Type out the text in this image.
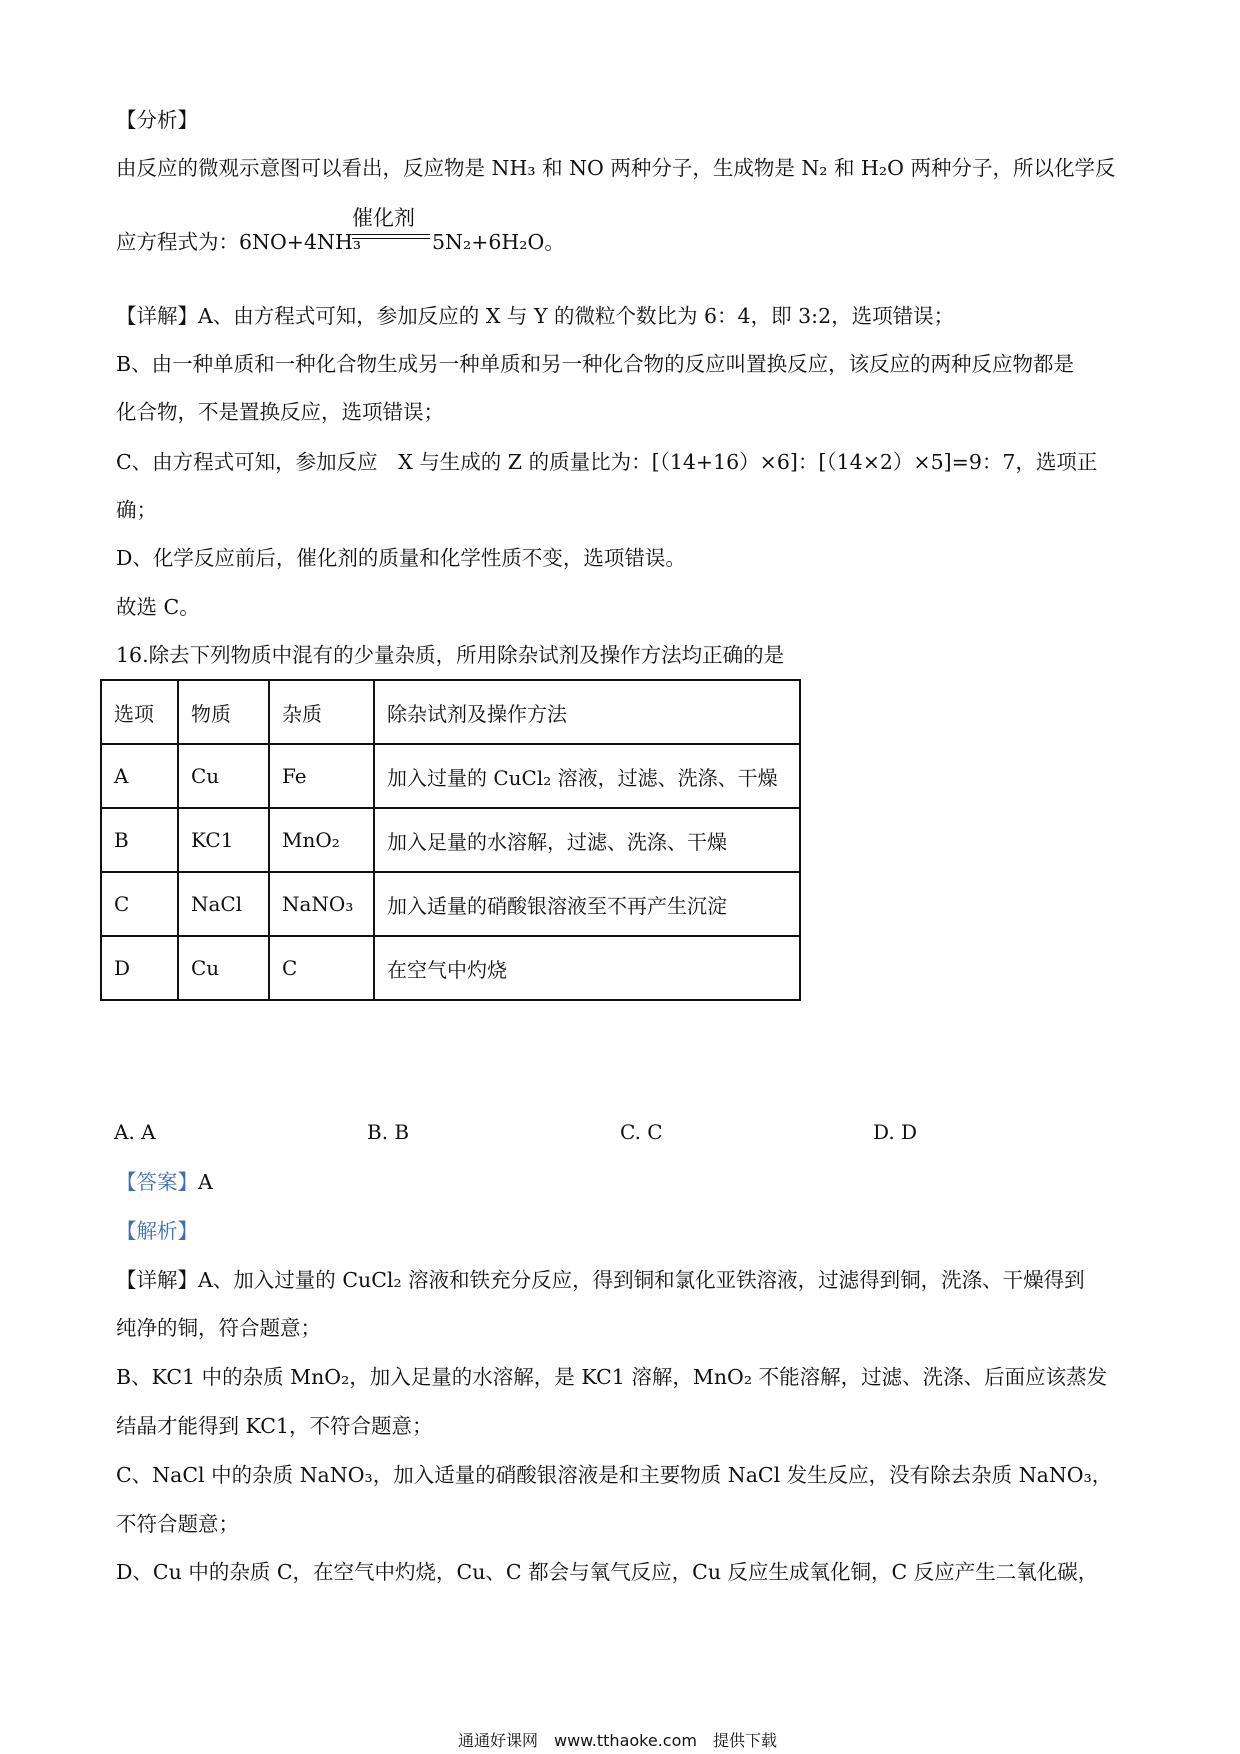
【分析】
由反应的微观示意图可以看出，反应物是 NH₃ 和 NO 两种分子，生成物是 N₂ 和 H₂O 两种分子，所以化学反
应方程式为：6NO+4NH₃
催化剂
5N₂+6H₂O。
【详解】A、由方程式可知，参加反应的 X 与 Y 的微粒个数比为 6：4，即 3:2，选项错误；
B、由一种单质和一种化合物生成另一种单质和另一种化合物的反应叫置换反应，该反应的两种反应物都是
化合物，不是置换反应，选项错误；
C、由方程式可知，参加反应　X 与生成的 Z 的质量比为：[（14+16）×6]：[（14×2）×5]=9：7，选项正
确；
D、化学反应前后，催化剂的质量和化学性质不变，选项错误。
故选 C。
16.除去下列物质中混有的少量杂质，所用除杂试剂及操作方法均正确的是
选项	物质	杂质	除杂试剂及操作方法
A	Cu	Fe	加入过量的 CuCl₂ 溶液，过滤、洗涤、干燥
B	KC1	MnO₂	加入足量的水溶解，过滤、洗涤、干燥
C	NaCl	NaNO₃	加入适量的硝酸银溶液至不再产生沉淀
D	Cu	C	在空气中灼烧
A. A	B. B	C. C	D. D
【答案】A
【解析】
【详解】A、加入过量的 CuCl₂ 溶液和铁充分反应，得到铜和氯化亚铁溶液，过滤得到铜，洗涤、干燥得到
纯净的铜，符合题意；
B、KC1 中的杂质 MnO₂，加入足量的水溶解，是 KC1 溶解，MnO₂ 不能溶解，过滤、洗涤、后面应该蒸发
结晶才能得到 KC1，不符合题意；
C、NaCl 中的杂质 NaNO₃，加入适量的硝酸银溶液是和主要物质 NaCl 发生反应，没有除去杂质 NaNO₃，
不符合题意；
D、Cu 中的杂质 C，在空气中灼烧，Cu、C 都会与氧气反应，Cu 反应生成氧化铜，C 反应产生二氧化碳，
通通好课网　www.tthaoke.com　提供下载
